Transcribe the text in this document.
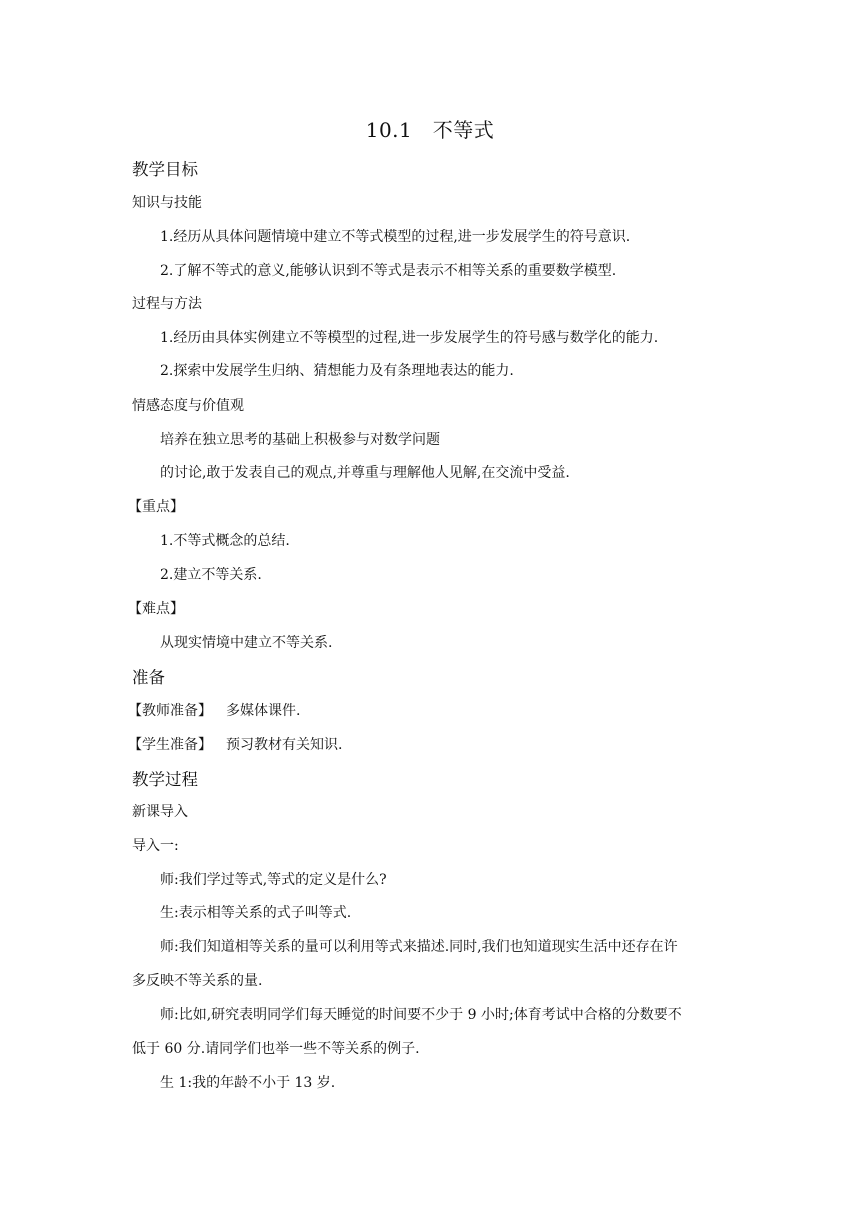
10.1　不等式
教学目标
知识与技能
1.经历从具体问题情境中建立不等式模型的过程,进一步发展学生的符号意识.
2.了解不等式的意义,能够认识到不等式是表示不相等关系的重要数学模型.
过程与方法
1.经历由具体实例建立不等模型的过程,进一步发展学生的符号感与数学化的能力.
2.探索中发展学生归纳、猜想能力及有条理地表达的能力.
情感态度与价值观
培养在独立思考的基础上积极参与对数学问题
的讨论,敢于发表自己的观点,并尊重与理解他人见解,在交流中受益.
【重点】
1.不等式概念的总结.
2.建立不等关系.
【难点】
从现实情境中建立不等关系.
准备
【教师准备】 多媒体课件.
【学生准备】 预习教材有关知识.
教学过程
新课导入
导入一:
师:我们学过等式,等式的定义是什么?
生:表示相等关系的式子叫等式.
师:我们知道相等关系的量可以利用等式来描述.同时,我们也知道现实生活中还存在许
多反映不等关系的量.
师:比如,研究表明同学们每天睡觉的时间要不少于 9 小时;体育考试中合格的分数要不
低于 60 分.请同学们也举一些不等关系的例子.
生 1:我的年龄不小于 13 岁.
